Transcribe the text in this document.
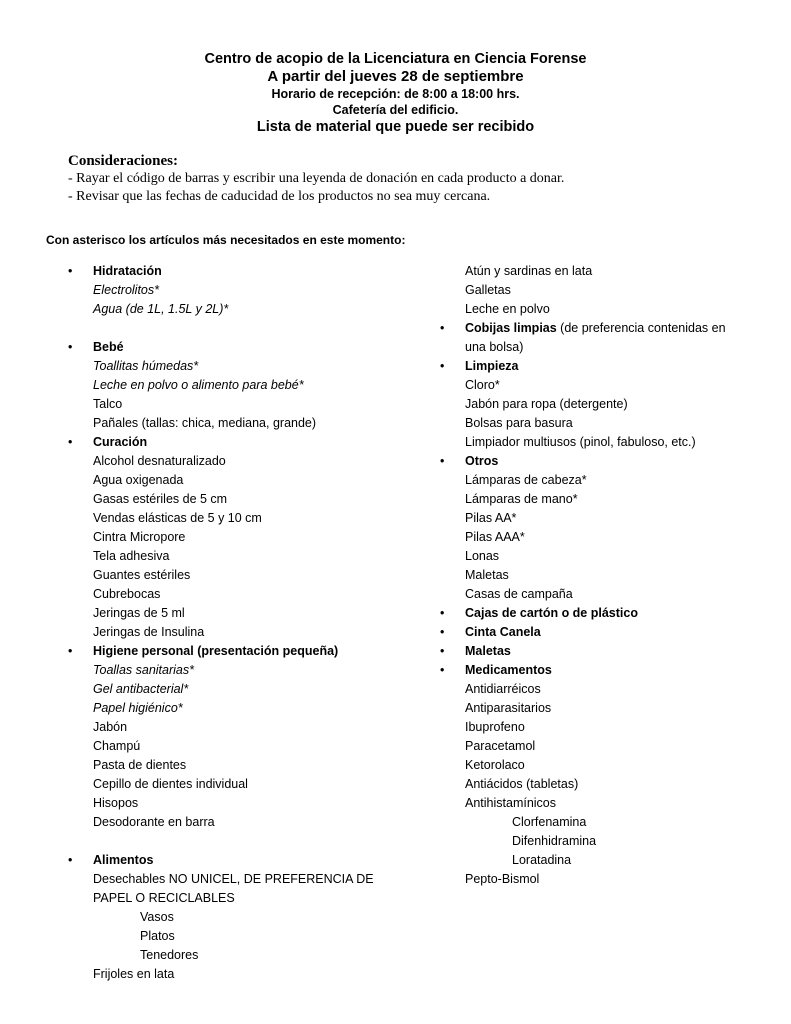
Centro de acopio de la Licenciatura en Ciencia Forense
A partir del jueves 28 de septiembre
Horario de recepción: de 8:00 a 18:00 hrs.
Cafetería del edificio.
Lista de material que puede ser recibido
Consideraciones:
- Rayar el código de barras y escribir una leyenda de donación en cada producto a donar.
- Revisar que las fechas de caducidad de los productos no sea muy cercana.
Con asterisco los artículos más necesitados en este momento:
• Hidratación
Electrolitos*
Agua (de 1L, 1.5L y 2L)*
• Bebé
Toallitas húmedas*
Leche en polvo o alimento para bebé*
Talco
Pañales (tallas: chica, mediana, grande)
• Curación
Alcohol desnaturalizado
Agua oxigenada
Gasas estériles de 5 cm
Vendas elásticas de 5 y 10 cm
Cintra Micropore
Tela adhesiva
Guantes estériles
Cubrebocas
Jeringas de 5 ml
Jeringas de Insulina
• Higiene personal (presentación pequeña)
Toallas sanitarias*
Gel antibacterial*
Papel higiénico*
Jabón
Champú
Pasta de dientes
Cepillo de dientes individual
Hisopos
Desodorante en barra
• Alimentos
Desechables NO UNICEL, DE PREFERENCIA DE
PAPEL O RECICLABLES
Vasos
Platos
Tenedores
Frijoles en lata
Atún y sardinas en lata
Galletas
Leche en polvo
• Cobijas limpias (de preferencia contenidas en
una bolsa)
• Limpieza
Cloro*
Jabón para ropa (detergente)
Bolsas para basura
Limpiador multiusos (pinol, fabuloso, etc.)
• Otros
Lámparas de cabeza*
Lámparas de mano*
Pilas AA*
Pilas AAA*
Lonas
Maletas
Casas de campaña
• Cajas de cartón o de plástico
• Cinta Canela
• Maletas
• Medicamentos
Antidiarréicos
Antiparasitarios
Ibuprofeno
Paracetamol
Ketorolaco
Antiácidos (tabletas)
Antihistamínicos
Clorfenamina
Difenhidramina
Loratadina
Pepto-Bismol
